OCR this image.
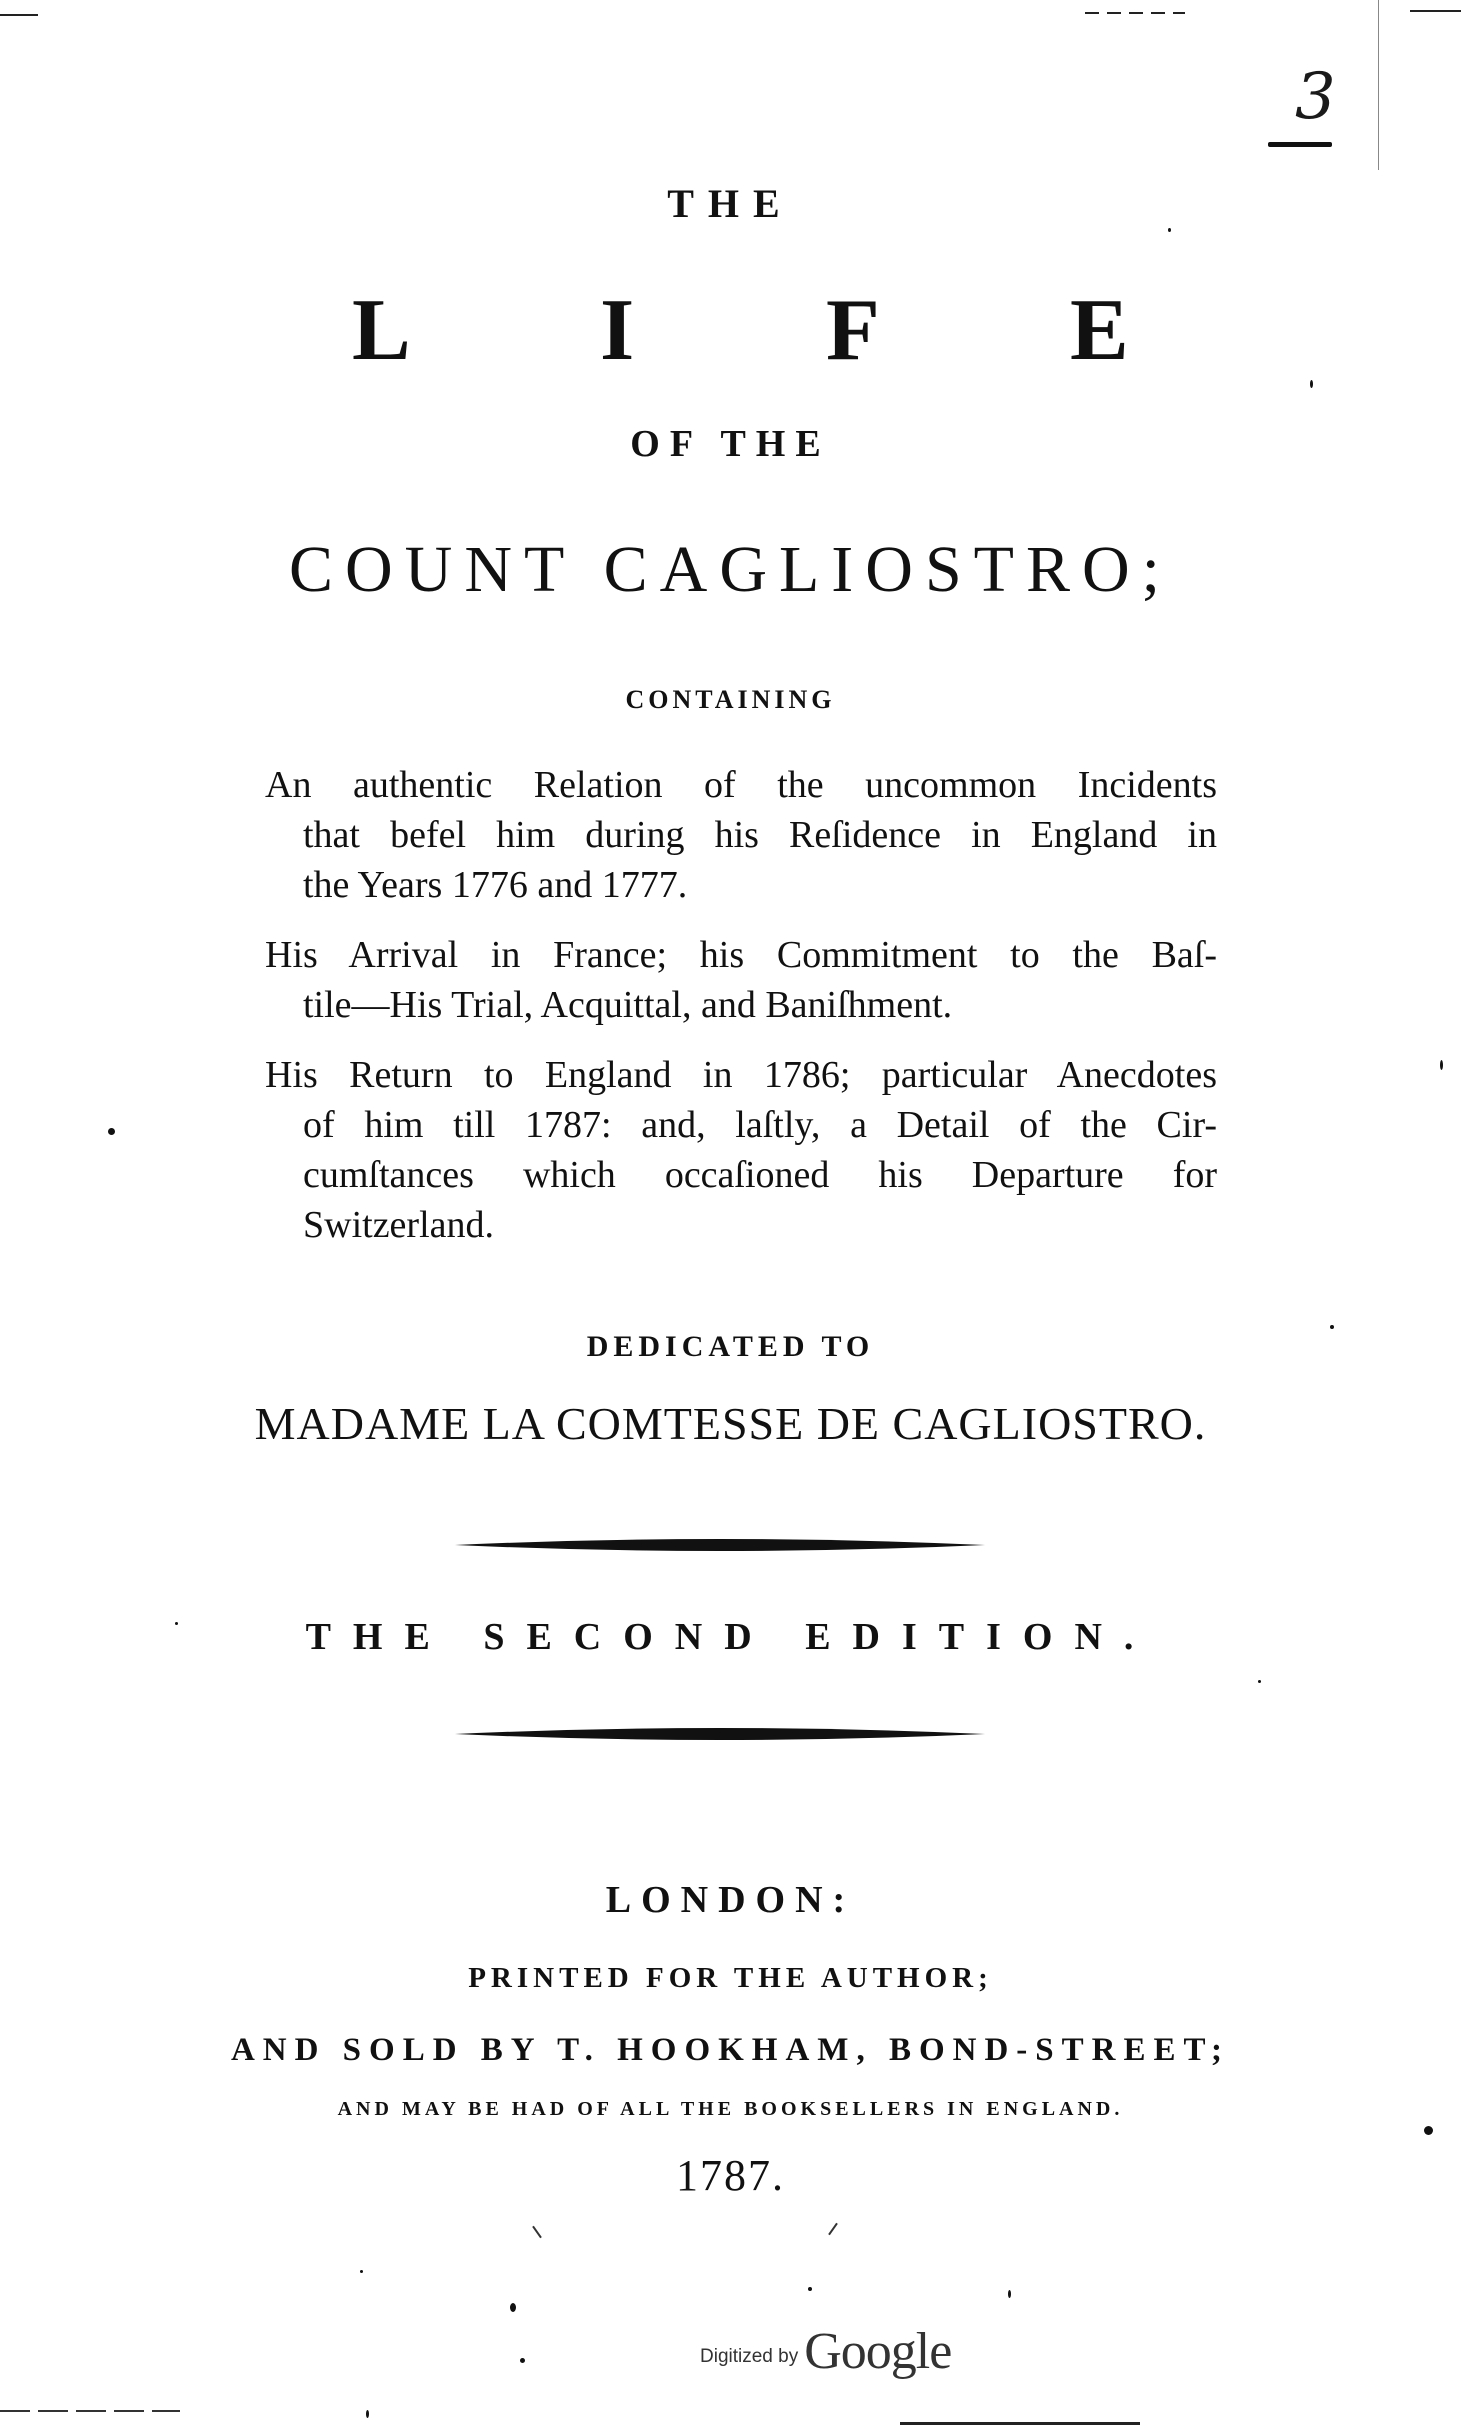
3
THE
L I F E
OF THE
COUNT CAGLIOSTRO;
CONTAINING
An authentic Relation of the uncommon Incidents
that befel him during his Reſidence in England in
the Years 1776 and 1777.
His Arrival in France; his Commitment to the Baſ-
tile—His Trial, Acquittal, and Baniſhment.
His Return to England in 1786; particular Anecdotes
of him till 1787: and, laſtly, a Detail of the Cir-
cumſtances which occaſioned his Departure for
Switzerland.
DEDICATED TO
MADAME LA COMTESSE DE CAGLIOSTRO.
THE SECOND EDITION.
LONDON:
PRINTED FOR THE AUTHOR;
AND SOLD BY T. HOOKHAM, BOND-STREET;
AND MAY BE HAD OF ALL THE BOOKSELLERS IN ENGLAND.
1787.
Digitized by Google
